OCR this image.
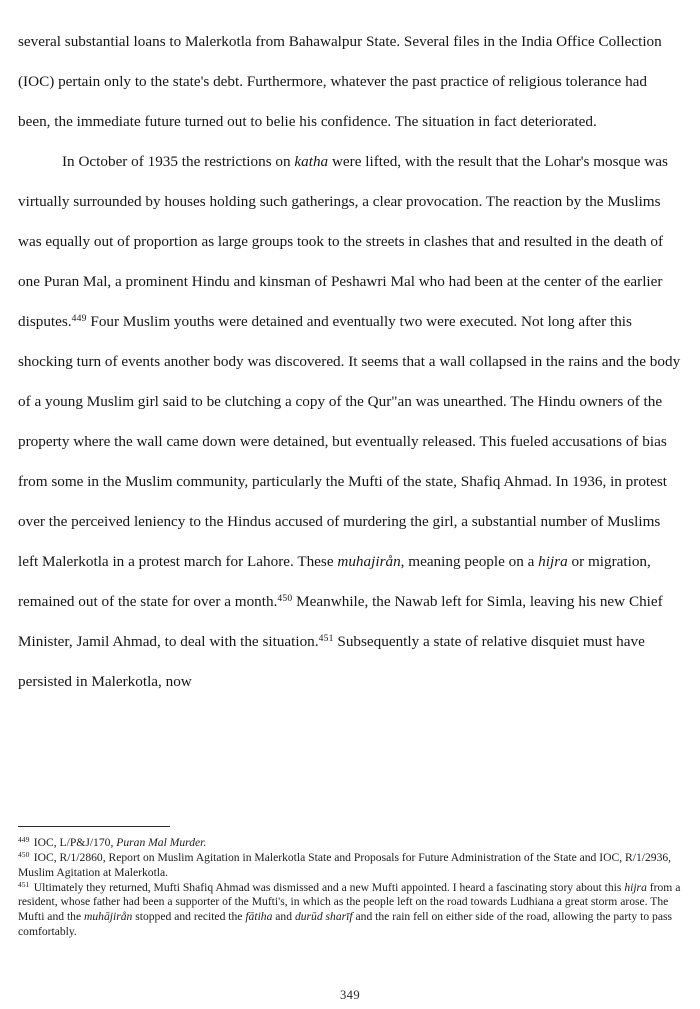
several substantial loans to Malerkotla from Bahawalpur State. Several files in the India Office Collection (IOC) pertain only to the state's debt. Furthermore, whatever the past practice of religious tolerance had been, the immediate future turned out to belie his confidence. The situation in fact deteriorated.

In October of 1935 the restrictions on katha were lifted, with the result that the Lohar's mosque was virtually surrounded by houses holding such gatherings, a clear provocation. The reaction by the Muslims was equally out of proportion as large groups took to the streets in clashes that and resulted in the death of one Puran Mal, a prominent Hindu and kinsman of Peshawri Mal who had been at the center of the earlier disputes.$^{449}$ Four Muslim youths were detained and eventually two were executed. Not long after this shocking turn of events another body was discovered. It seems that a wall collapsed in the rains and the body of a young Muslim girl said to be clutching a copy of the Qur"an was unearthed. The Hindu owners of the property where the wall came down were detained, but eventually released. This fueled accusations of bias from some in the Muslim community, particularly the Mufti of the state, Shafiq Ahmad. In 1936, in protest over the perceived leniency to the Hindus accused of murdering the girl, a substantial number of Muslims left Malerkotla in a protest march for Lahore. These muhajirån, meaning people on a hijra or migration, remained out of the state for over a month.$^{450}$ Meanwhile, the Nawab left for Simla, leaving his new Chief Minister, Jamil Ahmad, to deal with the situation.$^{451}$ Subsequently a state of relative disquiet must have persisted in Malerkotla, now

$^{449}$ IOC, L/P&J/170, Puran Mal Murder.

$^{450}$ IOC, R/1/2860, Report on Muslim Agitation in Malerkotla State and Proposals for Future Administration of the State and IOC, R/1/2936, Muslim Agitation at Malerkotla.

$^{451}$ Ultimately they returned, Mufti Shafiq Ahmad was dismissed and a new Mufti appointed. I heard a fascinating story about this hijra from a resident, whose father had been a supporter of the Mufti's, in which as the people left on the road towards Ludhiana a great storm arose. The Mufti and the muhājirån stopped and recited the fātiha and durūd sharīf and the rain fell on either side of the road, allowing the party to pass comfortably.

349
